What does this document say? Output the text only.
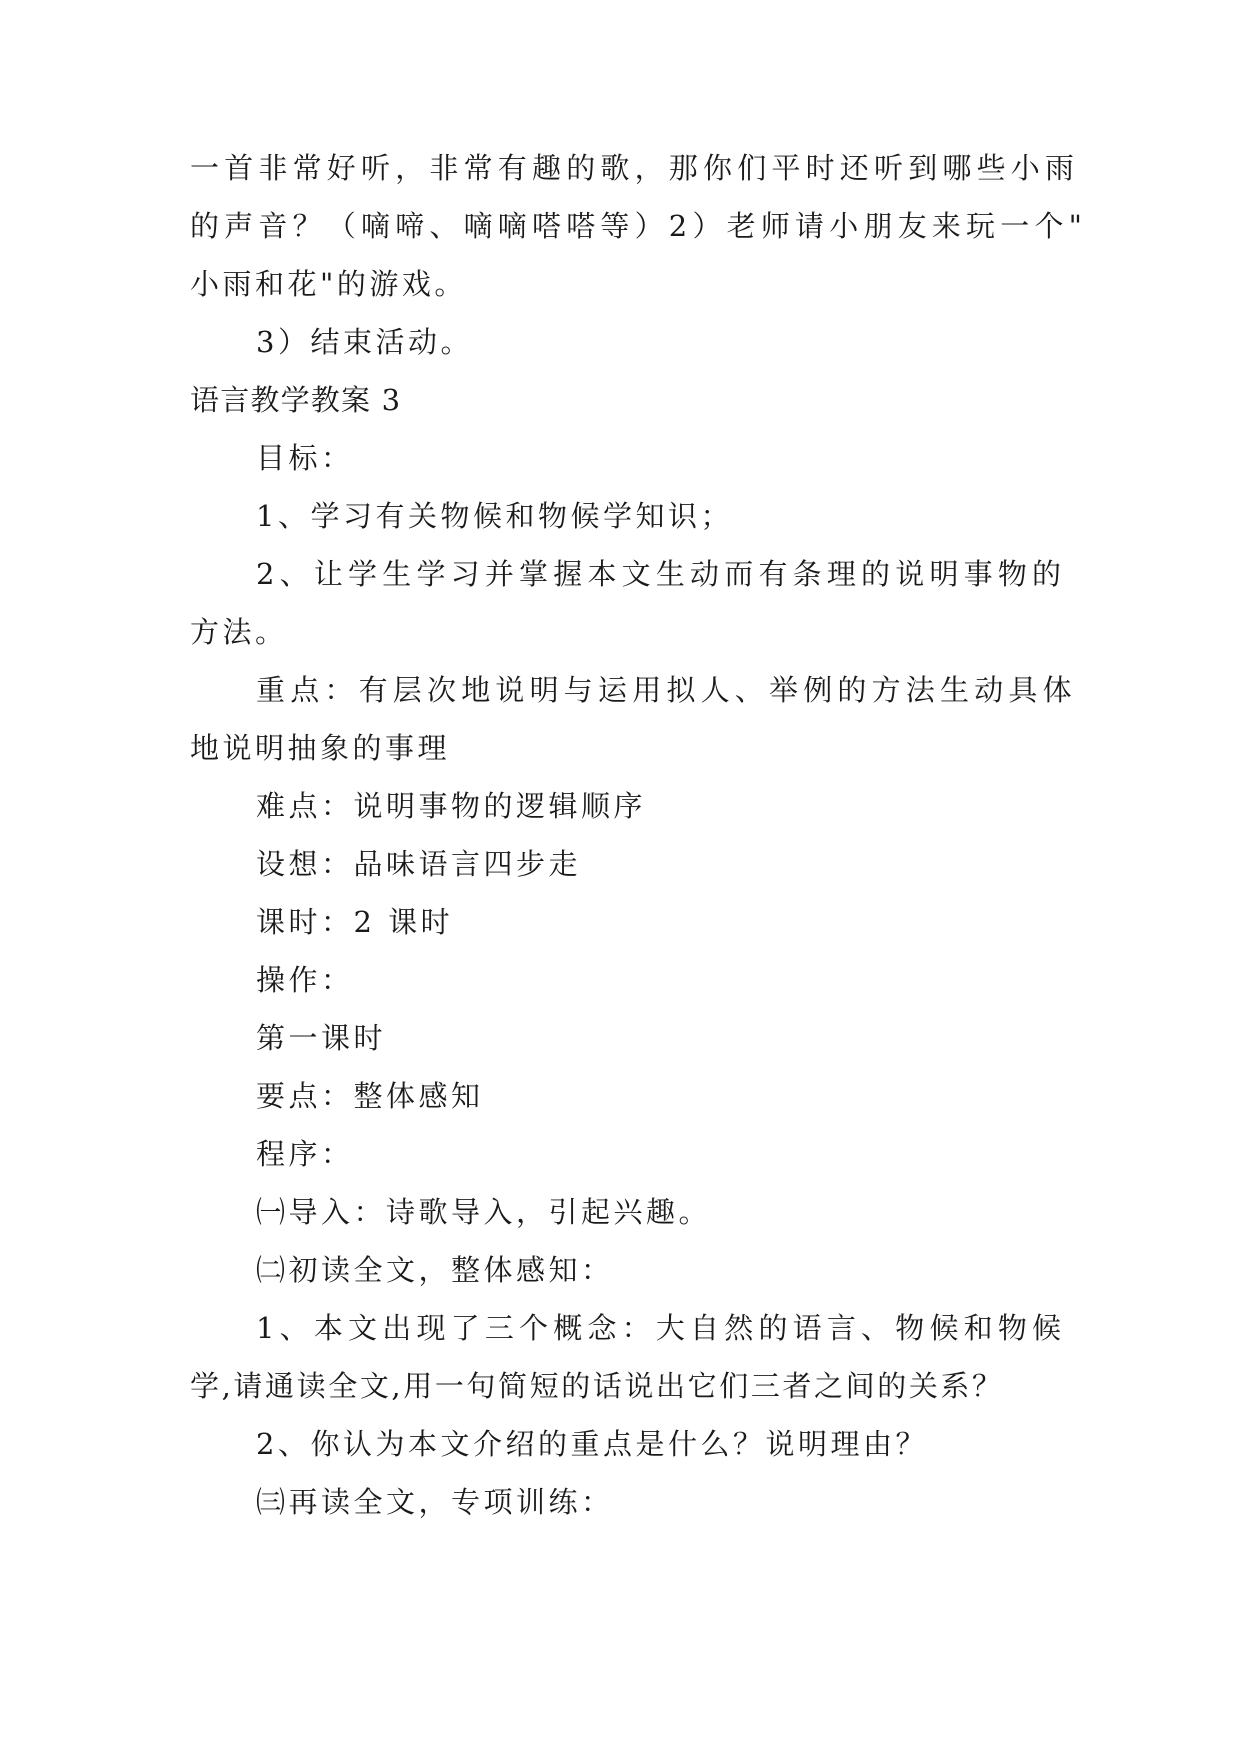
一首非常好听，非常有趣的歌，那你们平时还听到哪些小雨
的声音？（嘀啼、嘀嘀嗒嗒等）2）老师请小朋友来玩一个"
小雨和花"的游戏。
3）结束活动。
语言教学教案 3
目标：
1、学习有关物候和物候学知识；
2、让学生学习并掌握本文生动而有条理的说明事物的
方法。
重点：有层次地说明与运用拟人、举例的方法生动具体
地说明抽象的事理
难点：说明事物的逻辑顺序
设想：品味语言四步走
课时：2 课时
操作：
第一课时
要点：整体感知
程序：
㈠导入：诗歌导入，引起兴趣。
㈡初读全文，整体感知：
1、本文出现了三个概念：大自然的语言、物候和物候
学,请通读全文,用一句简短的话说出它们三者之间的关系？
2、你认为本文介绍的重点是什么？说明理由？
㈢再读全文，专项训练：
